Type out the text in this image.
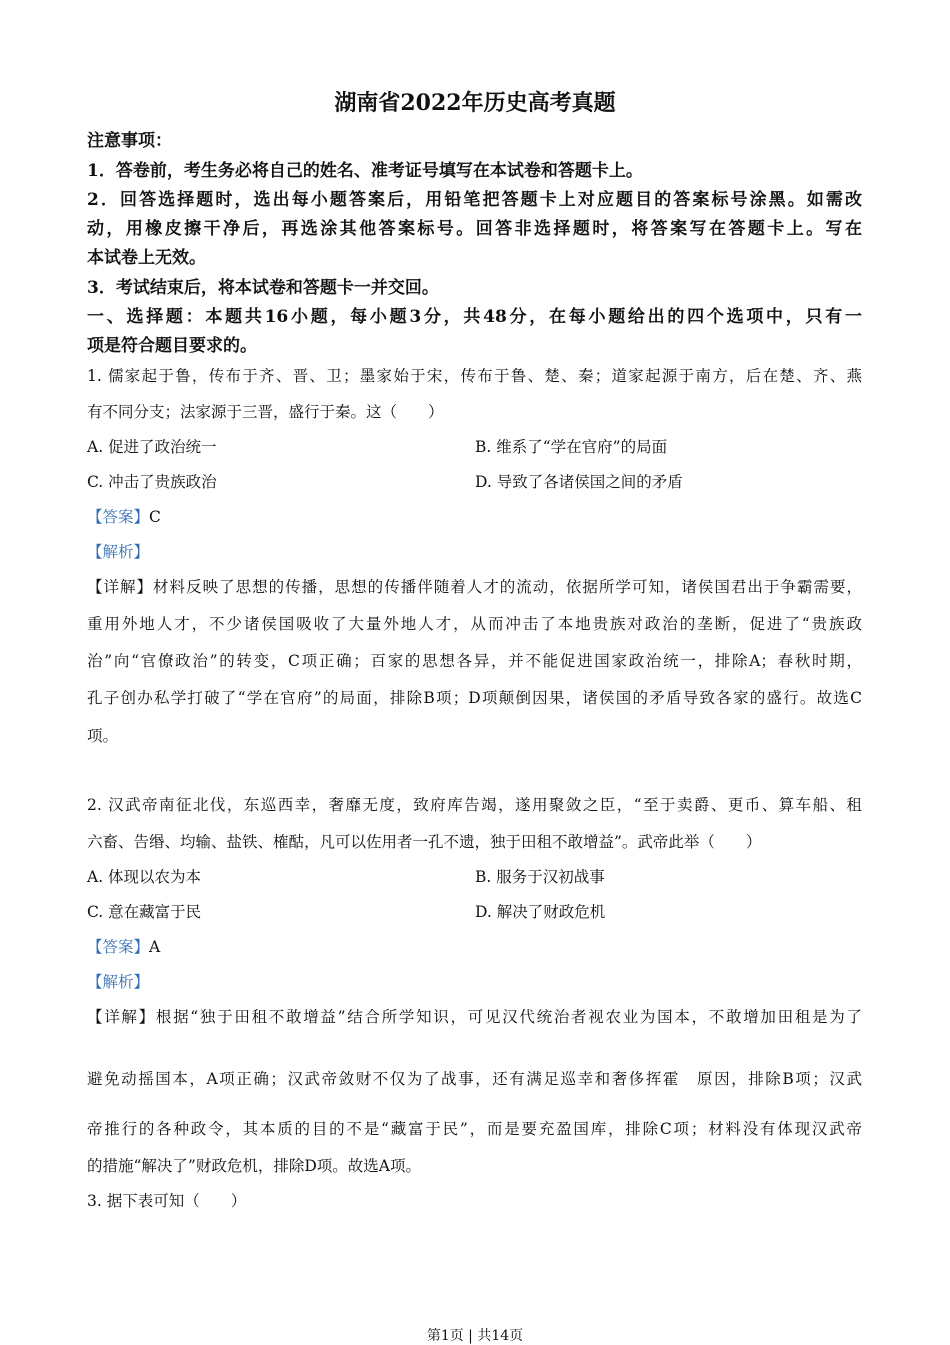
湖南省2022年历史高考真题
注意事项：
1．答卷前，考生务必将自己的姓名、准考证号填写在本试卷和答题卡上。
2．回答选择题时，选出每小题答案后，用铅笔把答题卡上对应题目的答案标号涂黑。如需改
动，用橡皮擦干净后，再选涂其他答案标号。回答非选择题时，将答案写在答题卡上。写在
本试卷上无效。
3．考试结束后，将本试卷和答题卡一并交回。
一、选择题：本题共16小题，每小题3分，共48分，在每小题给出的四个选项中，只有一
项是符合题目要求的。
1. 儒家起于鲁，传布于齐、晋、卫；墨家始于宋，传布于鲁、楚、秦；道家起源于南方，后在楚、齐、燕
有不同分支；法家源于三晋，盛行于秦。这（　　）
A. 促进了政治统一	B. 维系了“学在官府”的局面
C. 冲击了贵族政治	D. 导致了各诸侯国之间的矛盾
【答案】C
【解析】
【详解】材料反映了思想的传播，思想的传播伴随着人才的流动，依据所学可知，诸侯国君出于争霸需要，
重用外地人才，不少诸侯国吸收了大量外地人才，从而冲击了本地贵族对政治的垄断，促进了“贵族政
治”向“官僚政治”的转变，C项正确；百家的思想各异，并不能促进国家政治统一，排除A；春秋时期，
孔子创办私学打破了“学在官府”的局面，排除B项；D项颠倒因果，诸侯国的矛盾导致各家的盛行。故选C
项。
2. 汉武帝南征北伐，东巡西幸，奢靡无度，致府库告竭，遂用聚敛之臣，“至于卖爵、更币、算车船、租
六畜、告缗、均输、盐铁、榷酤，凡可以佐用者一孔不遗，独于田租不敢增益”。武帝此举（　　）
A. 体现以农为本	B. 服务于汉初战事
C. 意在藏富于民	D. 解决了财政危机
【答案】A
【解析】
【详解】根据“独于田租不敢增益”结合所学知识，可见汉代统治者视农业为国本，不敢增加田租是为了
避免动摇国本，A项正确；汉武帝敛财不仅为了战事，还有满足巡幸和奢侈挥霍　原因，排除B项；汉武
帝推行的各种政令，其本质的目的不是“藏富于民”，而是要充盈国库，排除C项；材料没有体现汉武帝
的措施“解决了”财政危机，排除D项。故选A项。
3. 据下表可知（　　）
第1页 | 共14页
